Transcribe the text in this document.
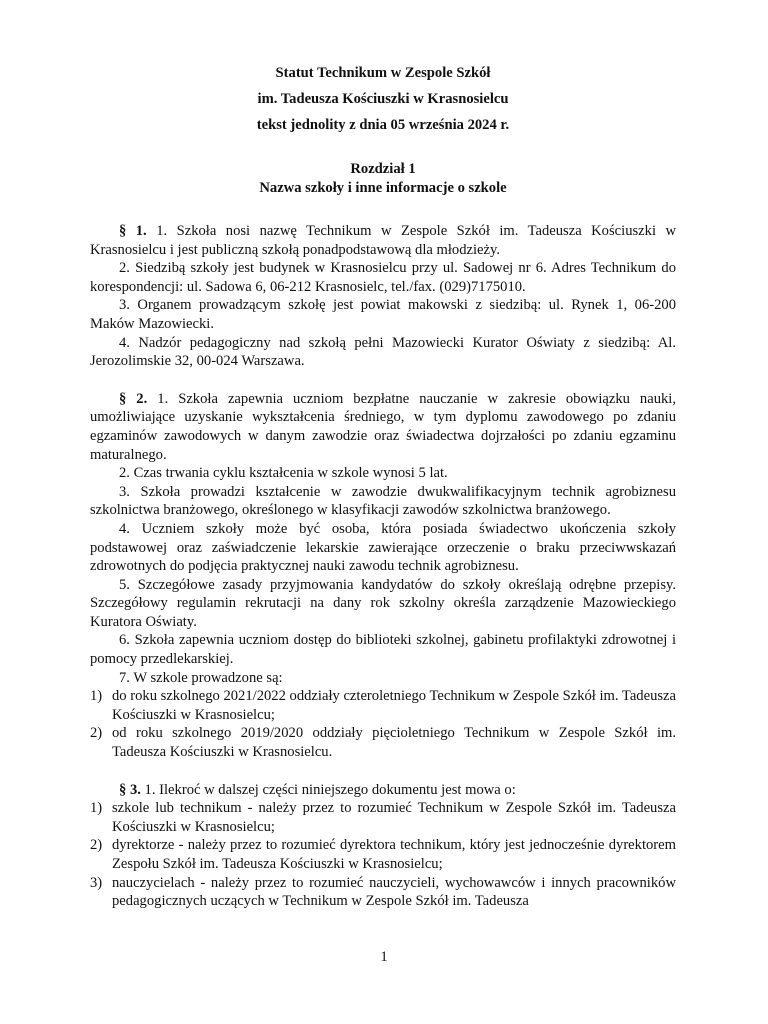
Statut Technikum w Zespole Szkół
im. Tadeusza Kościuszki w Krasnosielcu
tekst jednolity z dnia 05 września 2024 r.
Rozdział 1
Nazwa szkoły i inne informacje o szkole

§ 1. 1. Szkoła nosi nazwę Technikum w Zespole Szkół im. Tadeusza Kościuszki w Krasnosielcu i jest publiczną szkołą ponadpodstawową dla młodzieży.

2. Siedzibą szkoły jest budynek w Krasnosielcu przy ul. Sadowej nr 6. Adres Technikum do korespondencji: ul. Sadowa 6, 06-212 Krasnosielc, tel./fax. (029)7175010.

3. Organem prowadzącym szkołę jest powiat makowski z siedzibą: ul. Rynek 1, 06-200 Maków Mazowiecki.

4. Nadzór pedagogiczny nad szkołą pełni Mazowiecki Kurator Oświaty z siedzibą: Al. Jerozolimskie 32, 00-024 Warszawa.

§ 2. 1. Szkoła zapewnia uczniom bezpłatne nauczanie w zakresie obowiązku nauki, umożliwiające uzyskanie wykształcenia średniego, w tym dyplomu zawodowego po zdaniu egzaminów zawodowych w danym zawodzie oraz świadectwa dojrzałości po zdaniu egzaminu maturalnego.

2. Czas trwania cyklu kształcenia w szkole wynosi 5 lat.

3. Szkoła prowadzi kształcenie w zawodzie dwukwalifikacyjnym technik agrobiznesu szkolnictwa branżowego, określonego w klasyfikacji zawodów szkolnictwa branżowego.

4. Uczniem szkoły może być osoba, która posiada świadectwo ukończenia szkoły podstawowej oraz zaświadczenie lekarskie zawierające orzeczenie o braku przeciwwskazań zdrowotnych do podjęcia praktycznej nauki zawodu technik agrobiznesu.

5. Szczegółowe zasady przyjmowania kandydatów do szkoły określają odrębne przepisy. Szczegółowy regulamin rekrutacji na dany rok szkolny określa zarządzenie Mazowieckiego Kuratora Oświaty.

6. Szkoła zapewnia uczniom dostęp do biblioteki szkolnej, gabinetu profilaktyki zdrowotnej i pomocy przedlekarskiej.

7. W szkole prowadzone są:

1) do roku szkolnego 2021/2022 oddziały czteroletniego Technikum w Zespole Szkół im. Tadeusza Kościuszki w Krasnosielcu;
2) od roku szkolnego 2019/2020 oddziały pięcioletniego Technikum w Zespole Szkół im. Tadeusza Kościuszki w Krasnosielcu.

§ 3. 1. Ilekroć w dalszej części niniejszego dokumentu jest mowa o:

1) szkole lub technikum - należy przez to rozumieć Technikum w Zespole Szkół im. Tadeusza Kościuszki w Krasnosielcu;
2) dyrektorze - należy przez to rozumieć dyrektora technikum, który jest jednocześnie dyrektorem Zespołu Szkół im. Tadeusza Kościuszki w Krasnosielcu;
3) nauczycielach - należy przez to rozumieć nauczycieli, wychowawców i innych pracowników pedagogicznych uczących w Technikum w Zespole Szkół im. Tadeusza
1
